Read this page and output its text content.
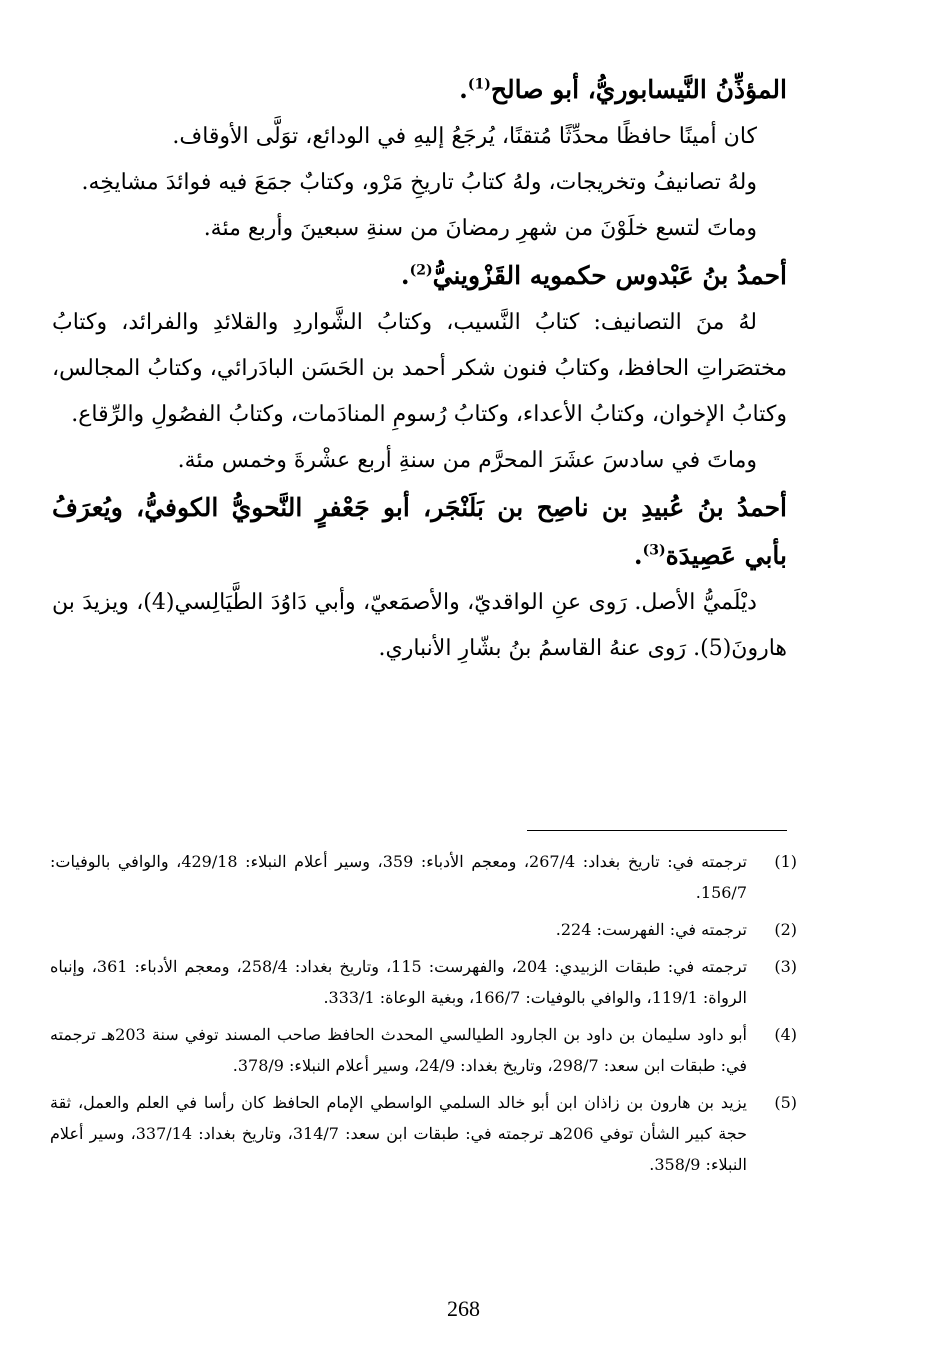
المؤذِّنُ النَّيسابوريُّ، أبو صالح$^{(1)}$.

كان أمينًا حافظًا محدِّثًا مُتقنًا، يُرجَعُ إليهِ في الودائع، توَلَّى الأوقاف.

ولهُ تصانيفُ وتخريجات، ولهُ كتابُ تاريخِ مَرْو، وكتابٌ جمَعَ فيه فوائدَ مشايخِه.

وماتَ لتسع خلَوْنَ من شهرِ رمضانَ من سنةِ سبعينَ وأربع مئة.

أحمدُ بنُ عَبْدوس حكمويه القَزْوينيُّ$^{(2)}$.

لهُ منَ التصانيف: كتابُ النَّسيب، وكتابُ الشَّواردِ والقلائدِ والفرائد، وكتابُ مختصَراتِ الحافظ، وكتابُ فنون شكر أحمد بن الحَسَن البادَرائي، وكتابُ المجالس، وكتابُ الإخوان، وكتابُ الأعداء، وكتابُ رُسومِ المنادَمات، وكتابُ الفصُولِ والرِّقاع.

وماتَ في سادسَ عشَرَ المحرَّم من سنةِ أربع عشْرةَ وخمس مئة.

أحمدُ بنُ عُبيدِ بن ناصِح بن بَلَنْجَر، أبو جَعْفرٍ النَّحويُّ الكوفيُّ، ويُعرَفُ بأبي عَصِيدَة$^{(3)}$.

ديْلَميُّ الأصل. رَوى عنِ الواقديّ، والأصمَعيّ، وأبي دَاوُدَ الطَّيَالِسي(4)، ويزيدَ بن هارونَ(5). رَوى عنهُ القاسمُ بنُ بشّارِ الأنباري.

(1)
ترجمته في: تاريخ بغداد: 267/4، ومعجم الأدباء: 359، وسير أعلام النبلاء: 429/18، والوافي بالوفيات: 156/7.
(2)
ترجمته في: الفهرست: 224.
(3)
ترجمته في: طبقات الزبيدي: 204، والفهرست: 115، وتاريخ بغداد: 258/4، ومعجم الأدباء: 361، وإنباه الرواة: 119/1، والوافي بالوفيات: 166/7، وبغية الوعاة: 333/1.
(4)
أبو داود سليمان بن داود بن الجارود الطيالسي المحدث الحافظ صاحب المسند توفي سنة 203هـ ترجمته في: طبقات ابن سعد: 298/7، وتاريخ بغداد: 24/9، وسير أعلام النبلاء: 378/9.
(5)
يزيد بن هارون بن زاذان ابن أبو خالد السلمي الواسطي الإمام الحافظ كان رأسا في العلم والعمل، ثقة حجة كبير الشأن توفي 206هـ ترجمته في: طبقات ابن سعد: 314/7، وتاريخ بغداد: 337/14، وسير أعلام النبلاء: 358/9.
268
